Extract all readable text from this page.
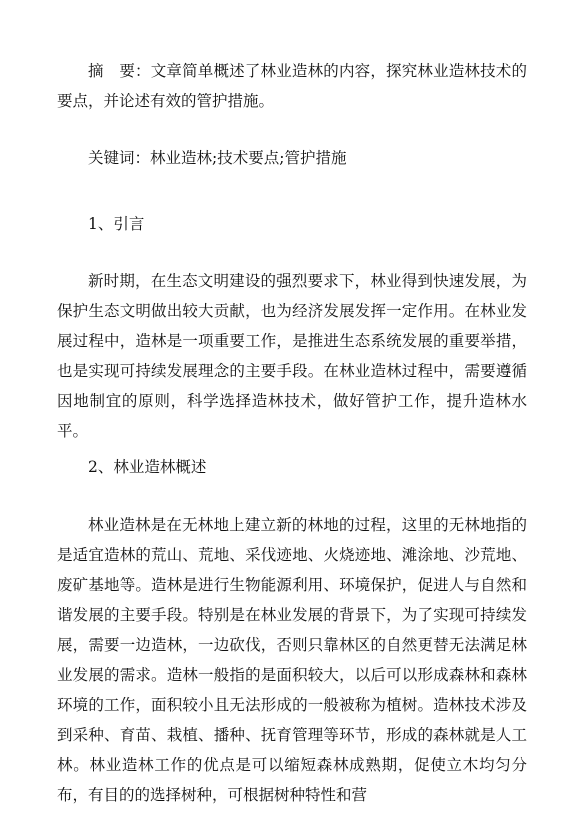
摘　要：文章简单概述了林业造林的内容，探究林业造林技术的要点，并论述有效的管护措施。

关键词：林业造林;技术要点;管护措施

1、引言

新时期，在生态文明建设的强烈要求下，林业得到快速发展，为保护生态文明做出较大贡献，也为经济发展发挥一定作用。在林业发展过程中，造林是一项重要工作，是推进生态系统发展的重要举措，也是实现可持续发展理念的主要手段。在林业造林过程中，需要遵循因地制宜的原则，科学选择造林技术，做好管护工作，提升造林水平。

2、林业造林概述

林业造林是在无林地上建立新的林地的过程，这里的无林地指的是适宜造林的荒山、荒地、采伐迹地、火烧迹地、滩涂地、沙荒地、废矿基地等。造林是进行生物能源利用、环境保护，促进人与自然和谐发展的主要手段。特别是在林业发展的背景下，为了实现可持续发展，需要一边造林，一边砍伐，否则只靠林区的自然更替无法满足林业发展的需求。造林一般指的是面积较大，以后可以形成森林和森林环境的工作，面积较小且无法形成的一般被称为植树。造林技术涉及到采种、育苗、栽植、播种、抚育管理等环节，形成的森林就是人工林。林业造林工作的优点是可以缩短森林成熟期，促使立木均匀分布，有目的的选择树种，可根据树种特性和营
